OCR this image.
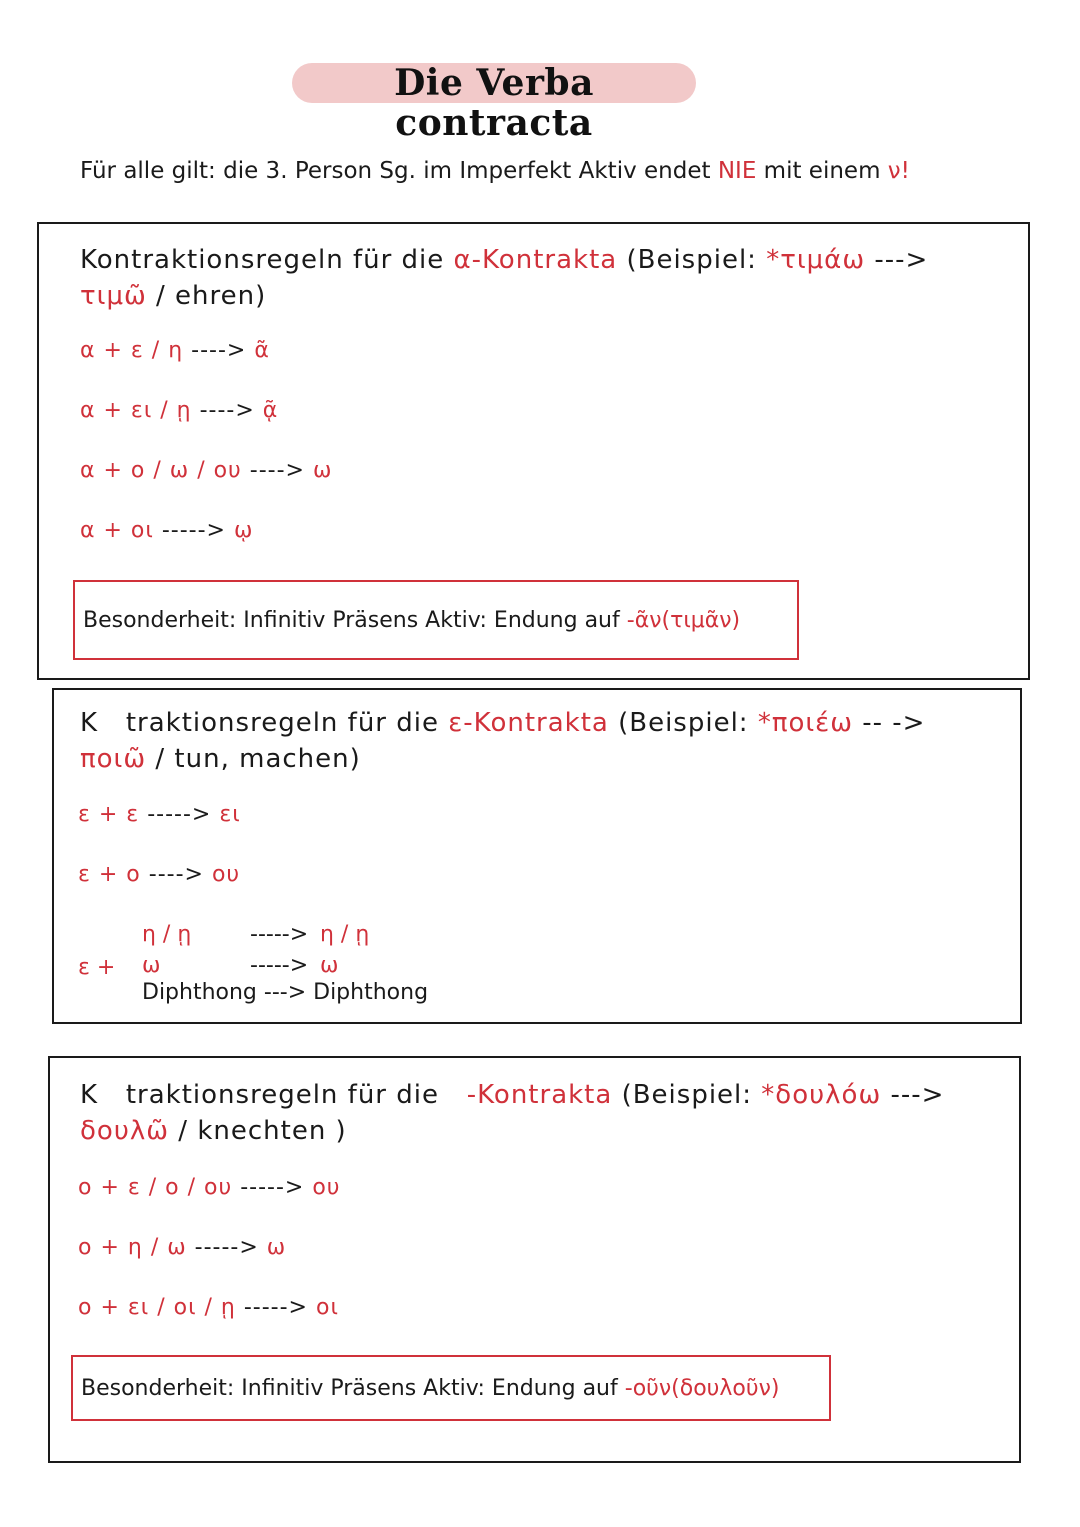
Die Verba contracta
Für alle gilt: die 3. Person Sg. im Imperfekt Aktiv endet NIE mit einem ν!
Kontraktionsregeln für die α-Kontrakta (Beispiel: *τιμάω --->
τιμῶ / ehren)
α + ε / η ----> ᾶ
α + ει / ῃ ----> ᾷ
α + ο / ω / ου ----> ω
α + οι -----> ῳ
Besonderheit: Infinitiv Präsens Aktiv: Endung auf
-ᾶν (τιμᾶν)
K traktionsregeln für die ε-Kontrakta (Beispiel: *ποιέω -- ->
ποιῶ / tun, machen)
ε + ε -----> ει
ε + ο ----> ου
ε +
η / ῃ	-----> η / ῃ
ω	-----> ω
Diphthong ---> Diphthong
K traktionsregeln für die   -Kontrakta (Beispiel: *δουλόω --->
δουλῶ / knechten )
ο + ε / ο / ου -----> ου
ο + η / ω -----> ω
ο + ει / οι / ῃ -----> οι
Besonderheit: Infinitiv Präsens Aktiv: Endung auf
-οῦν (δουλοῦν)
